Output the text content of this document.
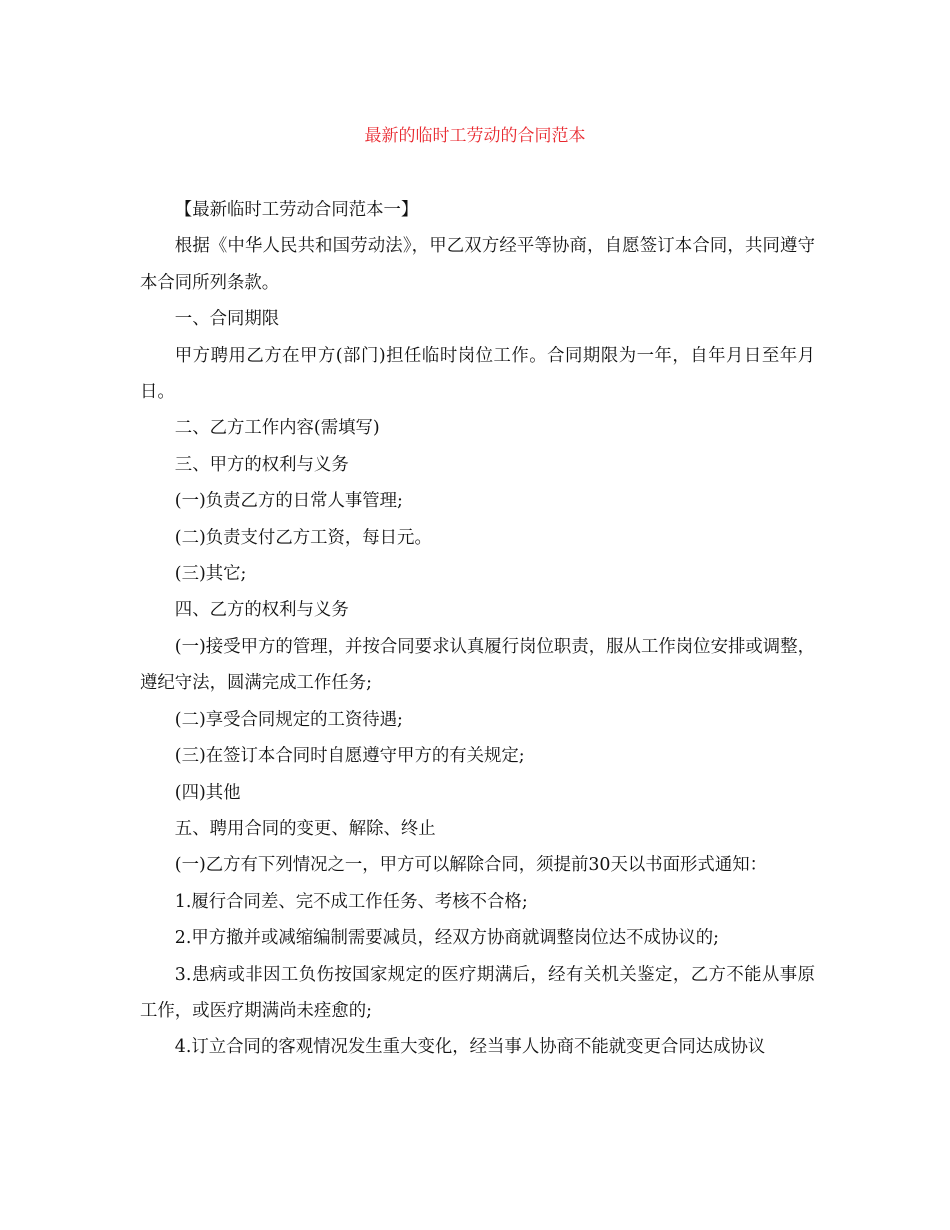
最新的临时工劳动的合同范本

【最新临时工劳动合同范本一】

根据《中华人民共和国劳动法》，甲乙双方经平等协商，自愿签订本合同，共同遵守本合同所列条款。

一、合同期限

甲方聘用乙方在甲方(部门)担任临时岗位工作。合同期限为一年，自年月日至年月日。

二、乙方工作内容(需填写)

三、甲方的权利与义务

(一)负责乙方的日常人事管理;

(二)负责支付乙方工资，每日元。

(三)其它;

四、乙方的权利与义务

(一)接受甲方的管理，并按合同要求认真履行岗位职责，服从工作岗位安排或调整，遵纪守法，圆满完成工作任务;

(二)享受合同规定的工资待遇;

(三)在签订本合同时自愿遵守甲方的有关规定;

(四)其他

五、聘用合同的变更、解除、终止

(一)乙方有下列情况之一，甲方可以解除合同，须提前30天以书面形式通知：

1.履行合同差、完不成工作任务、考核不合格;

2.甲方撤并或减缩编制需要减员，经双方协商就调整岗位达不成协议的;

3.患病或非因工负伤按国家规定的医疗期满后，经有关机关鉴定，乙方不能从事原工作，或医疗期满尚未痊愈的;

4.订立合同的客观情况发生重大变化，经当事人协商不能就变更合同达成协议
